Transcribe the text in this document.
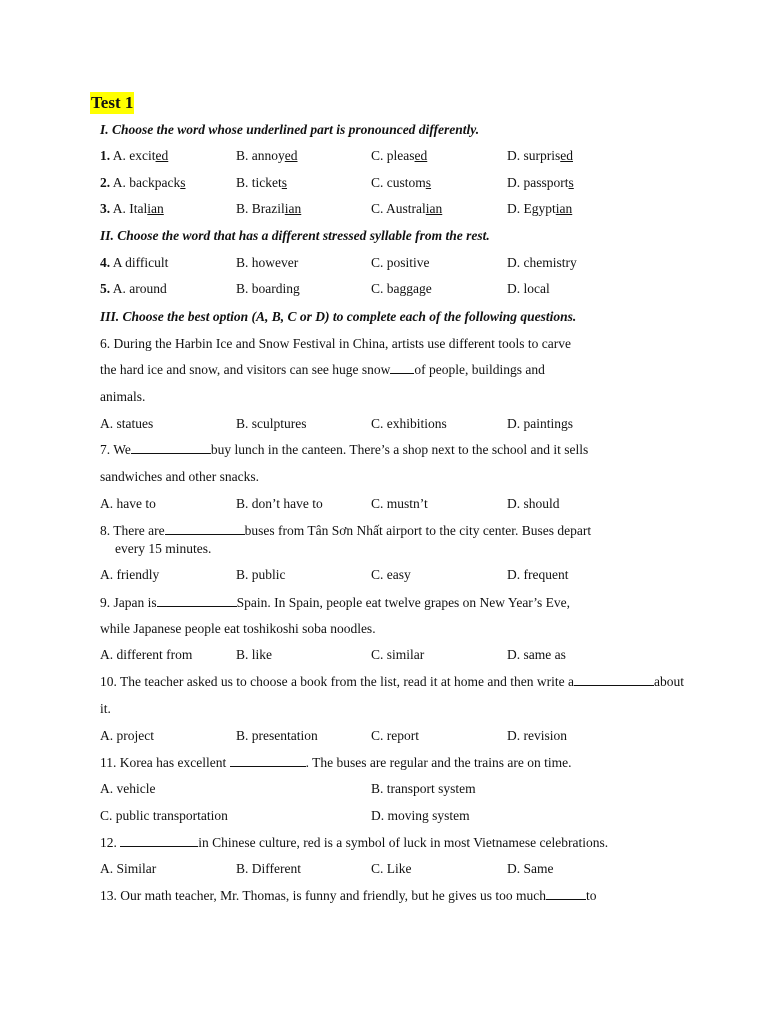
Test 1
I. Choose the word whose underlined part is pronounced differently.
1. A. excited	B. annoyed	C. pleased	D. surprised
2. A. backpacks	B. tickets	C. customs	D. passports
3. A. Italian	B. Brazilian	C. Australian	D. Egyptian
II. Choose the word that has a different stressed syllable from the rest.
4. A difficult	B. however	C. positive	D. chemistry
5. A. around	B. boarding	C. baggage	D. local
III. Choose the best option (A, B, C or D) to complete each of the following questions.
6. During the Harbin Ice and Snow Festival in China, artists use different tools to carve
the hard ice and snow, and visitors can see huge snow of people, buildings and
animals.
A. statues	B. sculptures	C. exhibitions	D. paintings
7. We	buy lunch in the canteen. There’s a shop next to the school and it sells
sandwiches and other snacks.
A. have to	B. don’t have to	C. mustn’t	D. should
8. There are	buses from Tân Sơn Nhất airport to the city center. Buses depart
every 15 minutes.
A. friendly	B. public	C. easy	D. frequent
9. Japan is	Spain. In Spain, people eat twelve grapes on New Year’s Eve,
while Japanese people eat toshikoshi soba noodles.
A. different from	B. like	C. similar	D. same as
10. The teacher asked us to choose a book from the list, read it at home and then write a	about
it.
A. project	B. presentation	C. report	D. revision
11. Korea has excellent	. The buses are regular and the trains are on time.
A. vehicle	B. transport system
C. public transportation	D. moving system
12.	in Chinese culture, red is a symbol of luck in most Vietnamese celebrations.
A. Similar	B. Different	C. Like	D. Same
13. Our math teacher, Mr. Thomas, is funny and friendly, but he gives us too much	to
